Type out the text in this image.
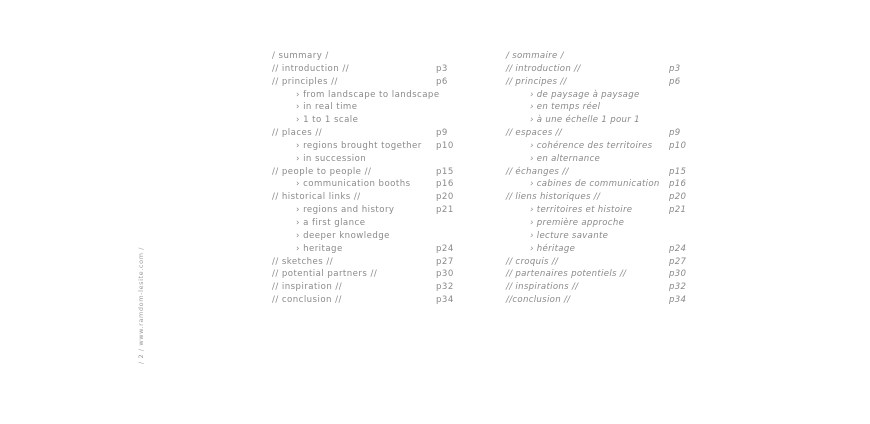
/ 2 / www.ramdom-lesite.com /
/ summary /
// introduction //	p3
// principles //	p6
› from landscape to landscape
› in real time
› 1 to 1 scale
// places //	p9
› regions brought together p10
› in succession
// people to people //	p15
› communication booths	p16
// historical links //	p20
› regions and history	p21
› a first glance
› deeper knowledge
› heritage	p24
// sketches //	p27
// potential partners //	p30
// inspiration //	p32
// conclusion //	p34
/ sommaire /
// introduction //	p3
// principes //	p6
› de paysage à paysage
› en temps réel
› à une échelle 1 pour 1
// espaces //	p9
› cohérence des territoires p10
› en alternance
// échanges //	p15
› cabines de communication p16
// liens historiques //	p20
› territoires et histoire	p21
› première approche
› lecture savante
› héritage	p24
// croquis //	p27
// partenaires potentiels //	p30
// inspirations //	p32
//conclusion //	p34
